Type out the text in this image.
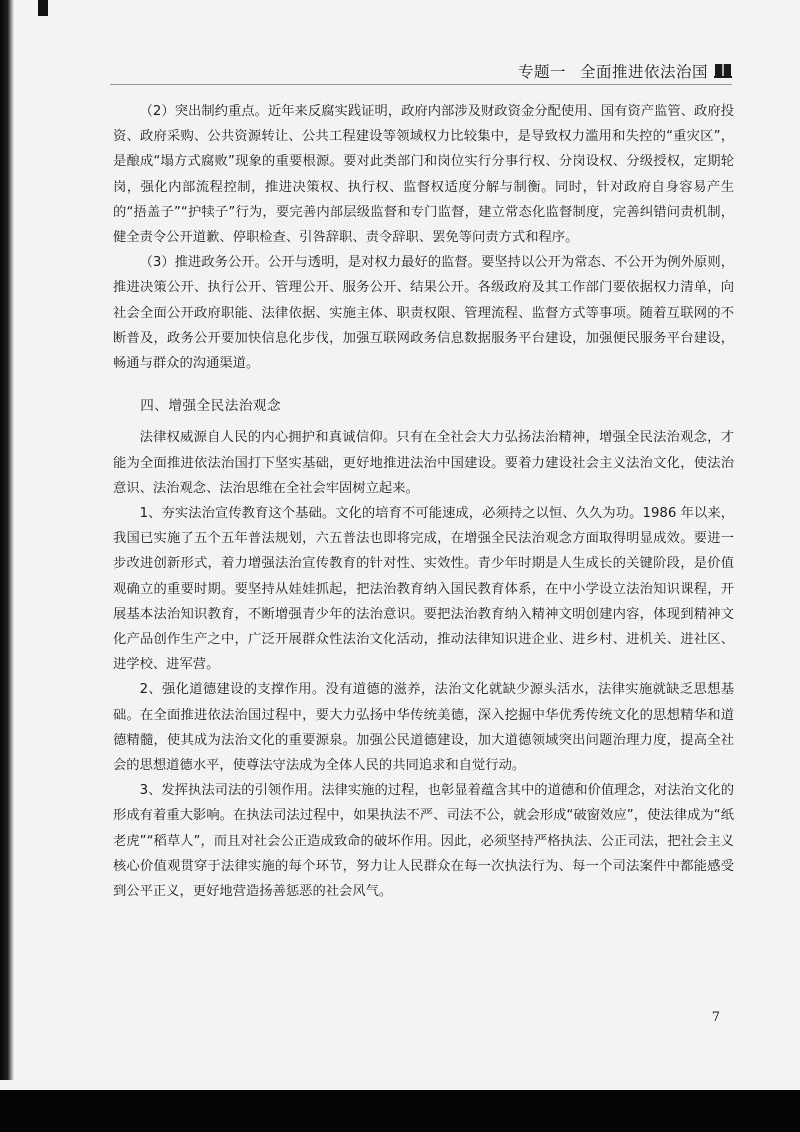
专题一 全面推进依法治国

（2）突出制约重点。近年来反腐实践证明，政府内部涉及财政资金分配使用、国有资产监管、政府投资、政府采购、公共资源转让、公共工程建设等领域权力比较集中，是导致权力滥用和失控的“重灾区”，是酿成“塌方式腐败”现象的重要根源。要对此类部门和岗位实行分事行权、分岗设权、分级授权，定期轮岗，强化内部流程控制，推进决策权、执行权、监督权适度分解与制衡。同时，针对政府自身容易产生的“捂盖子”“护犊子”行为，要完善内部层级监督和专门监督，建立常态化监督制度，完善纠错问责机制，健全责令公开道歉、停职检查、引咎辞职、责令辞职、罢免等问责方式和程序。

（3）推进政务公开。公开与透明，是对权力最好的监督。要坚持以公开为常态、不公开为例外原则，推进决策公开、执行公开、管理公开、服务公开、结果公开。各级政府及其工作部门要依据权力清单，向社会全面公开政府职能、法律依据、实施主体、职责权限、管理流程、监督方式等事项。随着互联网的不断普及，政务公开要加快信息化步伐，加强互联网政务信息数据服务平台建设，加强便民服务平台建设，畅通与群众的沟通渠道。

四、增强全民法治观念

法律权威源自人民的内心拥护和真诚信仰。只有在全社会大力弘扬法治精神，增强全民法治观念，才能为全面推进依法治国打下坚实基础，更好地推进法治中国建设。要着力建设社会主义法治文化，使法治意识、法治观念、法治思维在全社会牢固树立起来。

1、夯实法治宣传教育这个基础。文化的培育不可能速成，必须持之以恒、久久为功。1986 年以来，我国已实施了五个五年普法规划，六五普法也即将完成，在增强全民法治观念方面取得明显成效。要进一步改进创新形式，着力增强法治宣传教育的针对性、实效性。青少年时期是人生成长的关键阶段，是价值观确立的重要时期。要坚持从娃娃抓起，把法治教育纳入国民教育体系，在中小学设立法治知识课程，开展基本法治知识教育，不断增强青少年的法治意识。要把法治教育纳入精神文明创建内容，体现到精神文化产品创作生产之中，广泛开展群众性法治文化活动，推动法律知识进企业、进乡村、进机关、进社区、进学校、进军营。

2、强化道德建设的支撑作用。没有道德的滋养，法治文化就缺少源头活水，法律实施就缺乏思想基础。在全面推进依法治国过程中，要大力弘扬中华传统美德，深入挖掘中华优秀传统文化的思想精华和道德精髓，使其成为法治文化的重要源泉。加强公民道德建设，加大道德领域突出问题治理力度，提高全社会的思想道德水平，使尊法守法成为全体人民的共同追求和自觉行动。

3、发挥执法司法的引领作用。法律实施的过程，也彰显着蕴含其中的道德和价值理念，对法治文化的形成有着重大影响。在执法司法过程中，如果执法不严、司法不公，就会形成“破窗效应”，使法律成为“纸老虎”“稻草人”，而且对社会公正造成致命的破坏作用。因此，必须坚持严格执法、公正司法，把社会主义核心价值观贯穿于法律实施的每个环节，努力让人民群众在每一次执法行为、每一个司法案件中都能感受到公平正义，更好地营造扬善惩恶的社会风气。

7
